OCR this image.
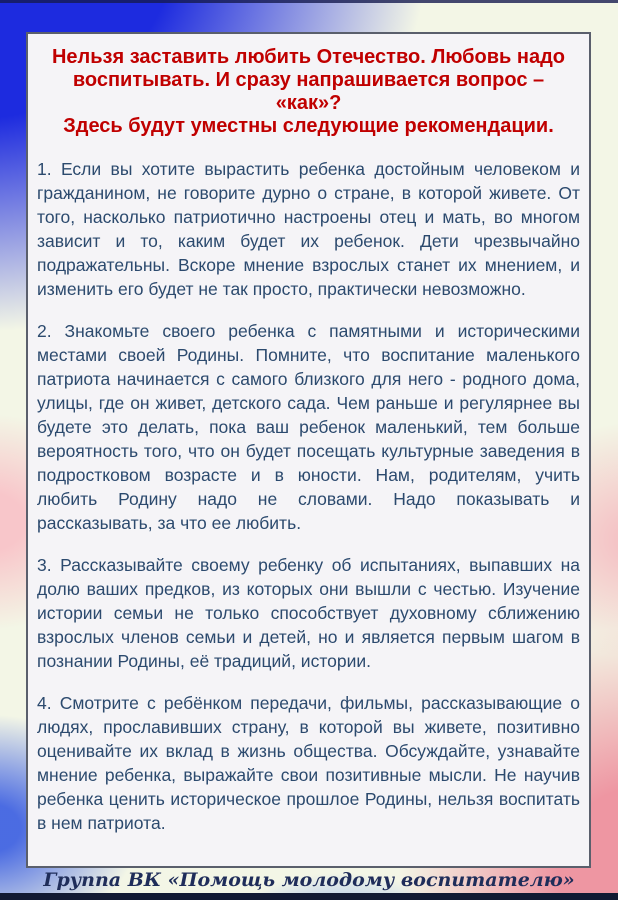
Нельзя заставить любить Отечество. Любовь надо
воспитывать. И сразу напрашивается вопрос – «как»?
Здесь будут уместны следующие рекомендации.

1. Если вы хотите вырастить ребенка достойным человеком и гражданином, не говорите дурно о стране, в которой живете. От того, насколько патриотично настроены отец и мать, во многом зависит и то, каким будет их ребенок. Дети чрезвычайно подражательны. Вскоре мнение взрослых станет их мнением, и изменить его будет не так просто, практически невозможно.

2. Знакомьте своего ребенка с памятными и историческими местами своей Родины. Помните, что воспитание маленького патриота начинается с самого близкого для него - родного дома, улицы, где он живет, детского сада. Чем раньше и регулярнее вы будете это делать, пока ваш ребенок маленький, тем больше вероятность того, что он будет посещать культурные заведения в подростковом возрасте и в юности. Нам, родителям, учить любить Родину надо не словами. Надо показывать и рассказывать, за что ее любить.

3. Рассказывайте своему ребенку об испытаниях, выпавших на долю ваших предков, из которых они вышли с честью. Изучение истории семьи не только способствует духовному сближению взрослых членов семьи и детей, но и является первым шагом в познании Родины, её традиций, истории.

4. Смотрите с ребёнком передачи, фильмы, рассказывающие о людях, прославивших страну, в которой вы живете, позитивно оценивайте их вклад в жизнь общества. Обсуждайте, узнавайте мнение ребенка, выражайте свои позитивные мысли. Не научив ребенка ценить историческое прошлое Родины, нельзя воспитать в нем патриота.

Группа ВК «Помощь молодому воспитателю»
